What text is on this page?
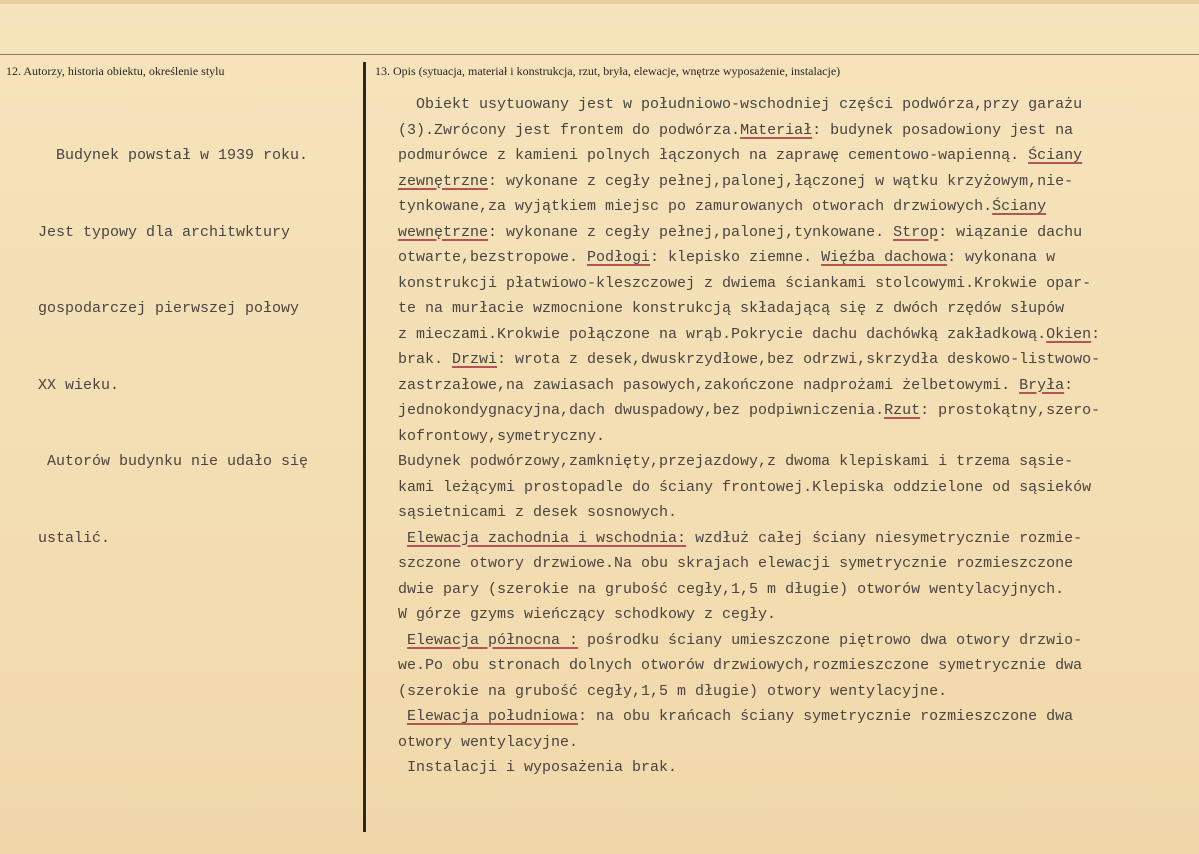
12. Autorzy, historia obiektu, określenie stylu	13. Opis (sytuacja, materiał i konstrukcja, rzut, bryła, elewacje, wnętrze wyposażenie, instalacje)

Budynek powstał w 1939 roku.

Jest typowy dla architwktury

gospodarczej pierwszej połowy

XX wieku.

Autorów budynku nie udało się

ustalić.

Obiekt usytuowany jest w południowo-wschodniej części podwórza,przy garażu
(3).Zwrócony jest frontem do podwórza.Materiał: budynek posadowiony jest na
podmurówce z kamieni polnych łączonych na zaprawę cementowo-wapienną. Ściany
zewnętrzne: wykonane z cegły pełnej,palonej,łączonej w wątku krzyżowym,nie-
tynkowane,za wyjątkiem miejsc po zamurowanych otworach drzwiowych.Ściany
wewnętrzne: wykonane z cegły pełnej,palonej,tynkowane. Strop: wiązanie dachu
otwarte,bezstropowe. Podłogi: klepisko ziemne. Więźba dachowa: wykonana w
konstrukcji płatwiowo-kleszczowej z dwiema ściankami stolcowymi.Krokwie opar-
te na murłacie wzmocnione konstrukcją składającą się z dwóch rzędów słupów
z mieczami.Krokwie połączone na wrąb.Pokrycie dachu dachówką zakładkową.Okien:
brak. Drzwi: wrota z desek,dwuskrzydłowe,bez odrzwi,skrzydła deskowo-listwowo-
zastrzałowe,na zawiasach pasowych,zakończone nadprożami żelbetowymi. Bryła:
jednokondygnacyjna,dach dwuspadowy,bez podpiwniczenia.Rzut: prostokątny,szero-
kofrontowy,symetryczny.
Budynek podwórzowy,zamknięty,przejazdowy,z dwoma klepiskami i trzema sąsie-
kami leżącymi prostopadle do ściany frontowej.Klepiska oddzielone od sąsieków
sąsietnicami z desek sosnowych.
Elewacja zachodnia i wschodnia: wzdłuż całej ściany niesymetrycznie rozmie-
szczone otwory drzwiowe.Na obu skrajach elewacji symetrycznie rozmieszczone
dwie pary (szerokie na grubość cegły,1,5 m długie) otworów wentylacyjnych.
W górze gzyms wieńczący schodkowy z cegły.
Elewacja północna : pośrodku ściany umieszczone piętrowo dwa otwory drzwio-
we.Po obu stronach dolnych otworów drzwiowych,rozmieszczone symetrycznie dwa
(szerokie na grubość cegły,1,5 m długie) otwory wentylacyjne.
Elewacja południowa: na obu krańcach ściany symetrycznie rozmieszczone dwa
otwory wentylacyjne.
Instalacji i wyposażenia brak.
